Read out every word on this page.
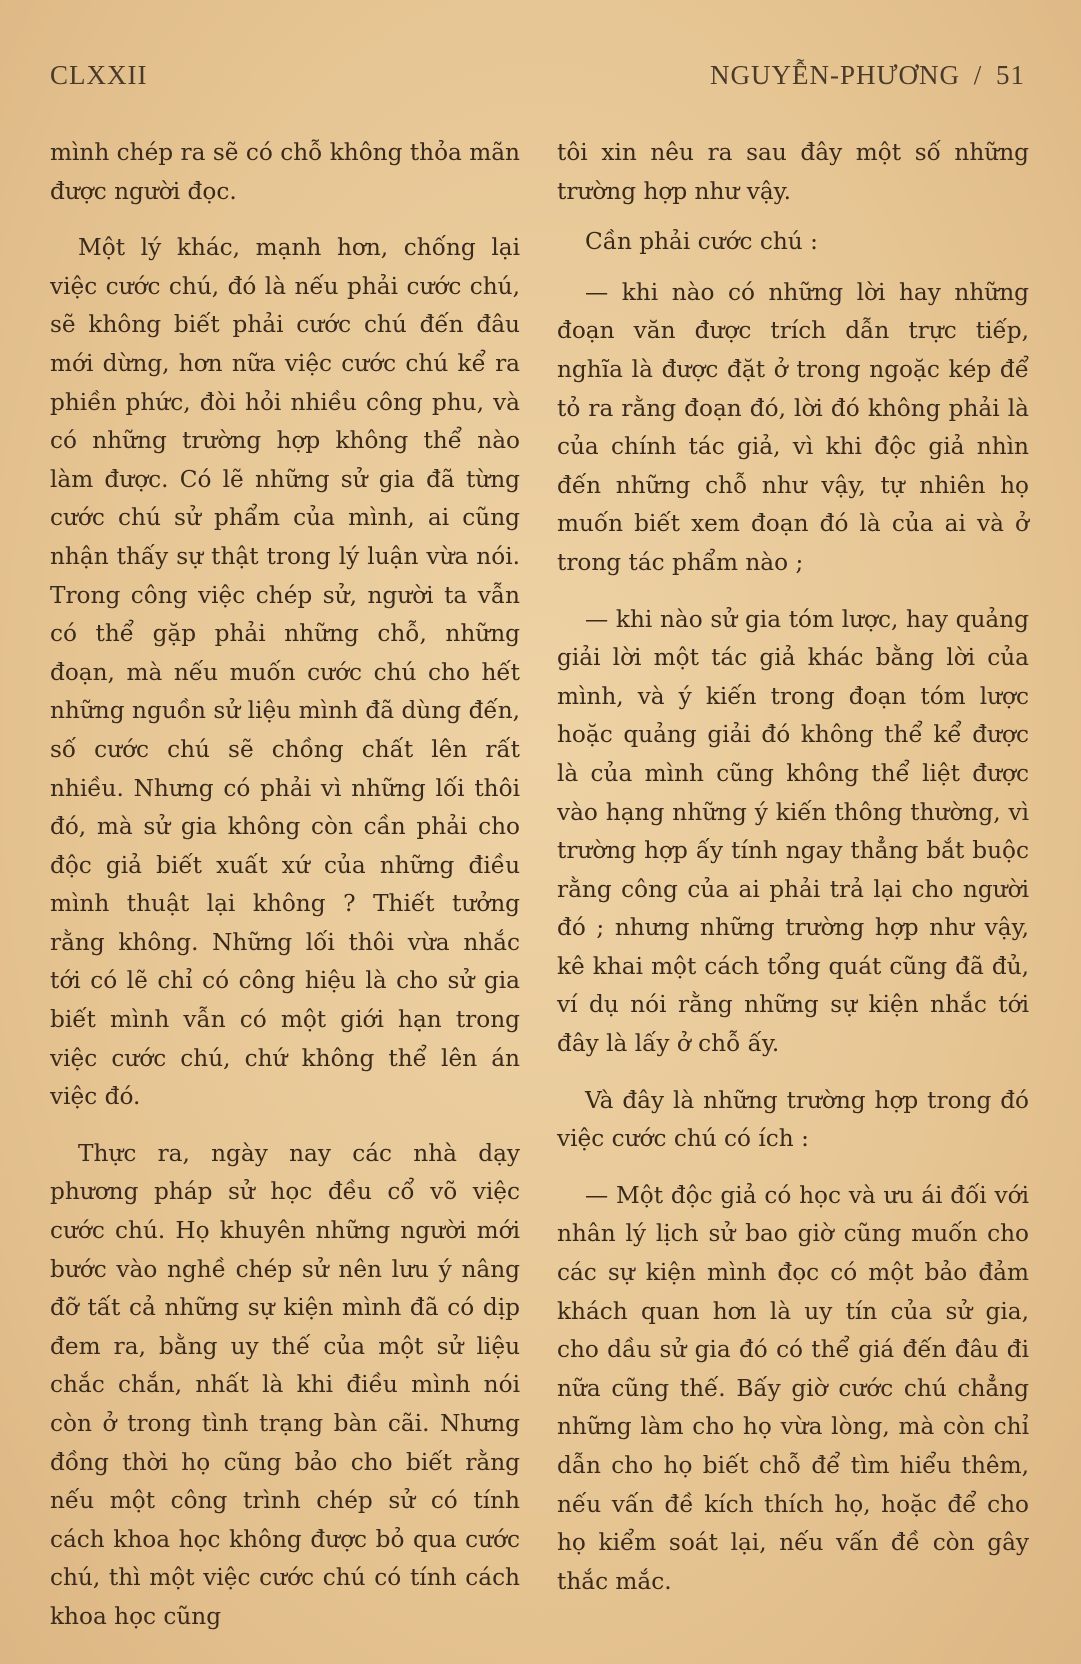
CLXXII	NGUYỄN-PHƯƠNG / 51

mình chép ra sẽ có chỗ không thỏa mãn được người đọc.

Một lý khác, mạnh hơn, chống lại việc cước chú, đó là nếu phải cước chú, sẽ không biết phải cước chú đến đâu mới dừng, hơn nữa việc cước chú kể ra phiền phức, đòi hỏi nhiều công phu, và có những trường hợp không thể nào làm được. Có lẽ những sử gia đã từng cước chú sử phẩm của mình, ai cũng nhận thấy sự thật trong lý luận vừa nói. Trong công việc chép sử, người ta vẫn có thể gặp phải những chỗ, những đoạn, mà nếu muốn cước chú cho hết những nguồn sử liệu mình đã dùng đến, số cước chú sẽ chồng chất lên rất nhiều. Nhưng có phải vì những lối thôi đó, mà sử gia không còn cần phải cho độc giả biết xuất xứ của những điều mình thuật lại không ? Thiết tưởng rằng không. Những lối thôi vừa nhắc tới có lẽ chỉ có công hiệu là cho sử gia biết mình vẫn có một giới hạn trong việc cước chú, chứ không thể lên án việc đó.

Thực ra, ngày nay các nhà dạy phương pháp sử học đều cổ võ việc cước chú. Họ khuyên những người mới bước vào nghề chép sử nên lưu ý nâng đỡ tất cả những sự kiện mình đã có dịp đem ra, bằng uy thế của một sử liệu chắc chắn, nhất là khi điều mình nói còn ở trong tình trạng bàn cãi. Nhưng đồng thời họ cũng bảo cho biết rằng nếu một công trình chép sử có tính cách khoa học không được bỏ qua cước chú, thì một việc cước chú có tính cách khoa học cũng

tôi xin nêu ra sau đây một số những trường hợp như vậy.

Cần phải cước chú :

— khi nào có những lời hay những đoạn văn được trích dẫn trực tiếp, nghĩa là được đặt ở trong ngoặc kép để tỏ ra rằng đoạn đó, lời đó không phải là của chính tác giả, vì khi độc giả nhìn đến những chỗ như vậy, tự nhiên họ muốn biết xem đoạn đó là của ai và ở trong tác phẩm nào ;

— khi nào sử gia tóm lược, hay quảng giải lời một tác giả khác bằng lời của mình, và ý kiến trong đoạn tóm lược hoặc quảng giải đó không thể kể được là của mình cũng không thể liệt được vào hạng những ý kiến thông thường, vì trường hợp ấy tính ngay thẳng bắt buộc rằng công của ai phải trả lại cho người đó ; nhưng những trường hợp như vậy, kê khai một cách tổng quát cũng đã đủ, ví dụ nói rằng những sự kiện nhắc tới đây là lấy ở chỗ ấy.

Và đây là những trường hợp trong đó việc cước chú có ích :

— Một độc giả có học và ưu ái đối với nhân lý lịch sử bao giờ cũng muốn cho các sự kiện mình đọc có một bảo đảm khách quan hơn là uy tín của sử gia, cho dầu sử gia đó có thể giá đến đâu đi nữa cũng thế. Bấy giờ cước chú chẳng những làm cho họ vừa lòng, mà còn chỉ dẫn cho họ biết chỗ để tìm hiểu thêm, nếu vấn đề kích thích họ, hoặc để cho họ kiểm soát lại, nếu vấn đề còn gây thắc mắc.
